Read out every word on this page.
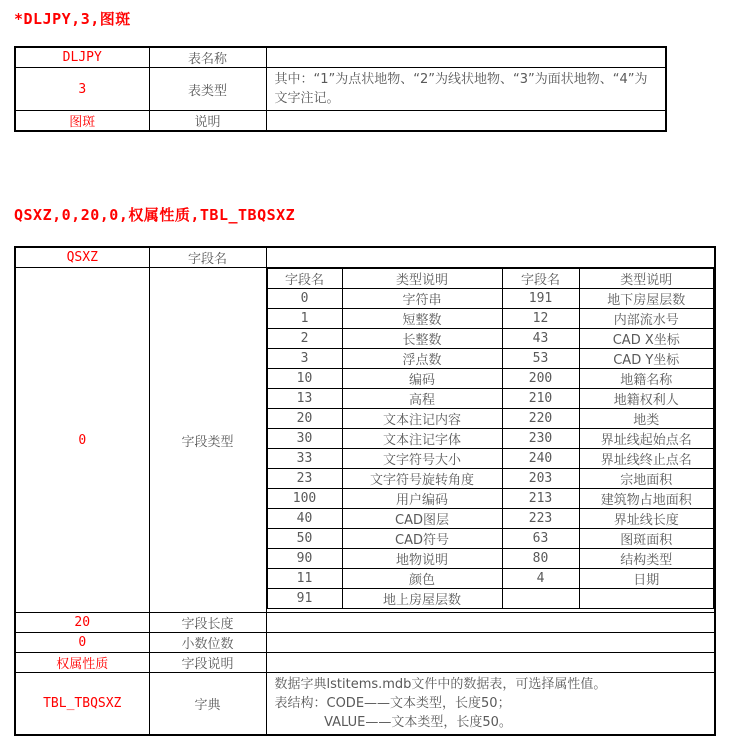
*DLJPY,3,图斑
DLJPY	表名称	
3	表类型	其中：“1”为点状地物、“2”为线状地物、“3”为面状地物、“4”为文字注记。
图斑	说明	
QSXZ,0,20,0,权属性质,TBL_TBQSXZ
QSXZ	字段名	
0	字段类型	
字段名	类型说明	字段名	类型说明
0	字符串	191	地下房屋层数
1	短整数	12	内部流水号
2	长整数	43	CAD X坐标
3	浮点数	53	CAD Y坐标
10	编码	200	地籍名称
13	高程	210	地籍权利人
20	文本注记内容	220	地类
30	文本注记字体	230	界址线起始点名
33	文字符号大小	240	界址线终止点名
23	文字符号旋转角度	203	宗地面积
100	用户编码	213	建筑物占地面积
40	CAD图层	223	界址线长度
50	CAD符号	63	图斑面积
90	地物说明	80	结构类型
11	颜色	4	日期
91	地上房屋层数		

20	字段长度	
0	小数位数	
权属性质	字段说明	
TBL_TBQSXZ	字典	
数据字典lstitems.mdb文件中的数据表，可选择属性值。
表结构：CODE——文本类型，长度50；
VALUE——文本类型，长度50。
